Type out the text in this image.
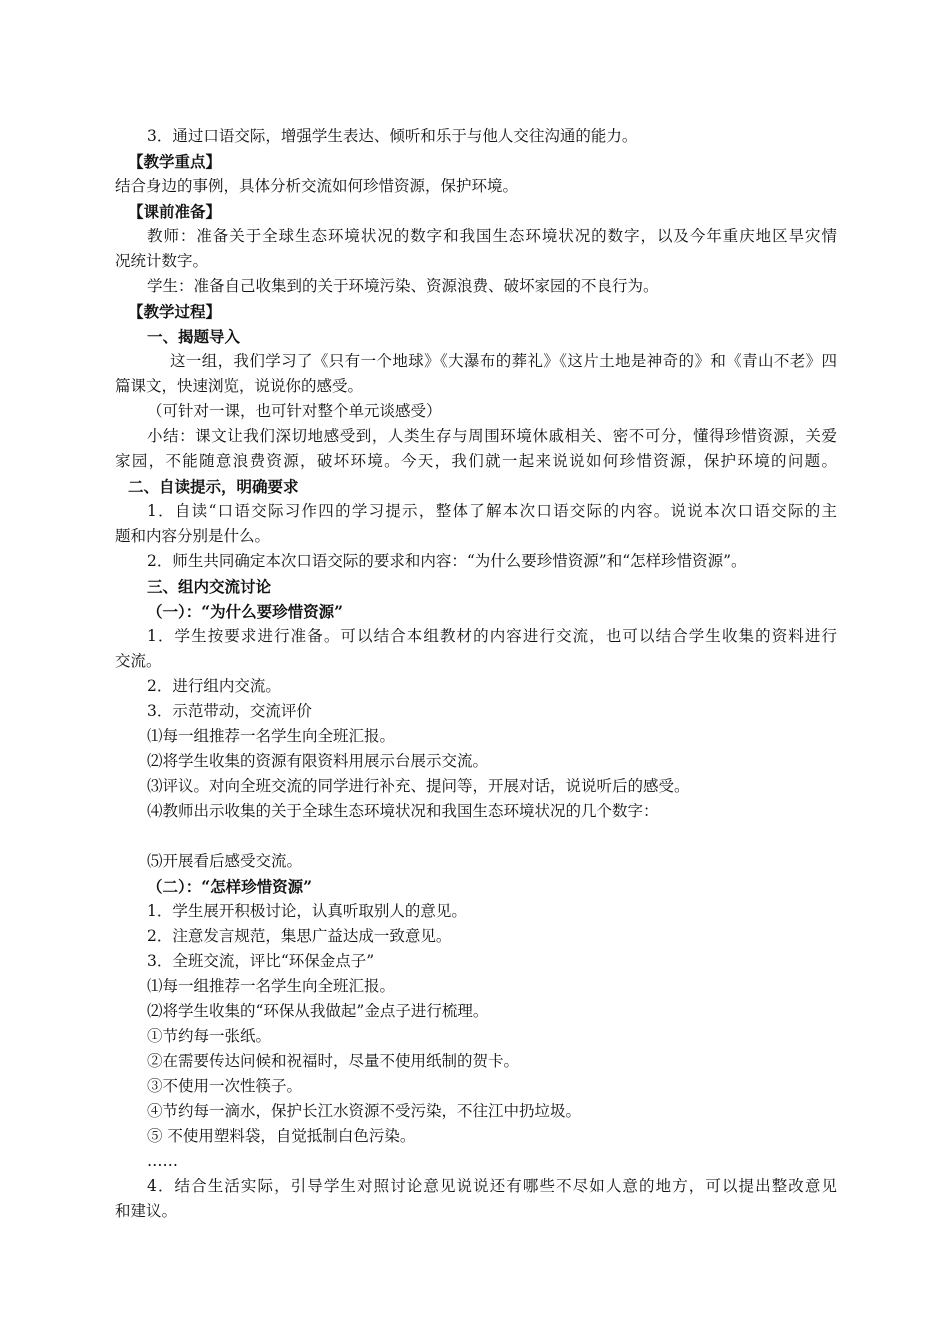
3．通过口语交际，增强学生表达、倾听和乐于与他人交往沟通的能力。
【教学重点】
结合身边的事例，具体分析交流如何珍惜资源，保护环境。
【课前准备】
教师：准备关于全球生态环境状况的数字和我国生态环境状况的数字，以及今年重庆地区旱灾情
况统计数字。
学生：准备自己收集到的关于环境污染、资源浪费、破坏家园的不良行为。
【教学过程】
一、揭题导入
这一组，我们学习了《只有一个地球》《大瀑布的葬礼》《这片土地是神奇的》和《青山不老》四
篇课文，快速浏览，说说你的感受。
（可针对一课，也可针对整个单元谈感受）
小结：课文让我们深切地感受到，人类生存与周围环境休戚相关、密不可分，懂得珍惜资源，关爱
家园，不能随意浪费资源，破坏环境。今天，我们就一起来说说如何珍惜资源，保护环境的问题。
二、自读提示，明确要求
1．自读“口语交际习作四的学习提示，整体了解本次口语交际的内容。说说本次口语交际的主
题和内容分别是什么。
2．师生共同确定本次口语交际的要求和内容：“为什么要珍惜资源”和“怎样珍惜资源”。
三、组内交流讨论
（一）：“为什么要珍惜资源”
1．学生按要求进行准备。可以结合本组教材的内容进行交流，也可以结合学生收集的资料进行
交流。
2．进行组内交流。
3．示范带动，交流评价
⑴每一组推荐一名学生向全班汇报。
⑵将学生收集的资源有限资料用展示台展示交流。
⑶评议。对向全班交流的同学进行补充、提问等，开展对话，说说听后的感受。
⑷教师出示收集的关于全球生态环境状况和我国生态环境状况的几个数字：
⑸开展看后感受交流。
（二）：“怎样珍惜资源”
1．学生展开积极讨论，认真听取别人的意见。
2．注意发言规范，集思广益达成一致意见。
3．全班交流，评比“环保金点子”
⑴每一组推荐一名学生向全班汇报。
⑵将学生收集的“环保从我做起”金点子进行梳理。
①节约每一张纸。
②在需要传达问候和祝福时，尽量不使用纸制的贺卡。
③不使用一次性筷子。
④节约每一滴水，保护长江水资源不受污染，不往江中扔垃圾。
⑤ 不使用塑料袋，自觉抵制白色污染。
……
4．结合生活实际，引导学生对照讨论意见说说还有哪些不尽如人意的地方，可以提出整改意见
和建议。
